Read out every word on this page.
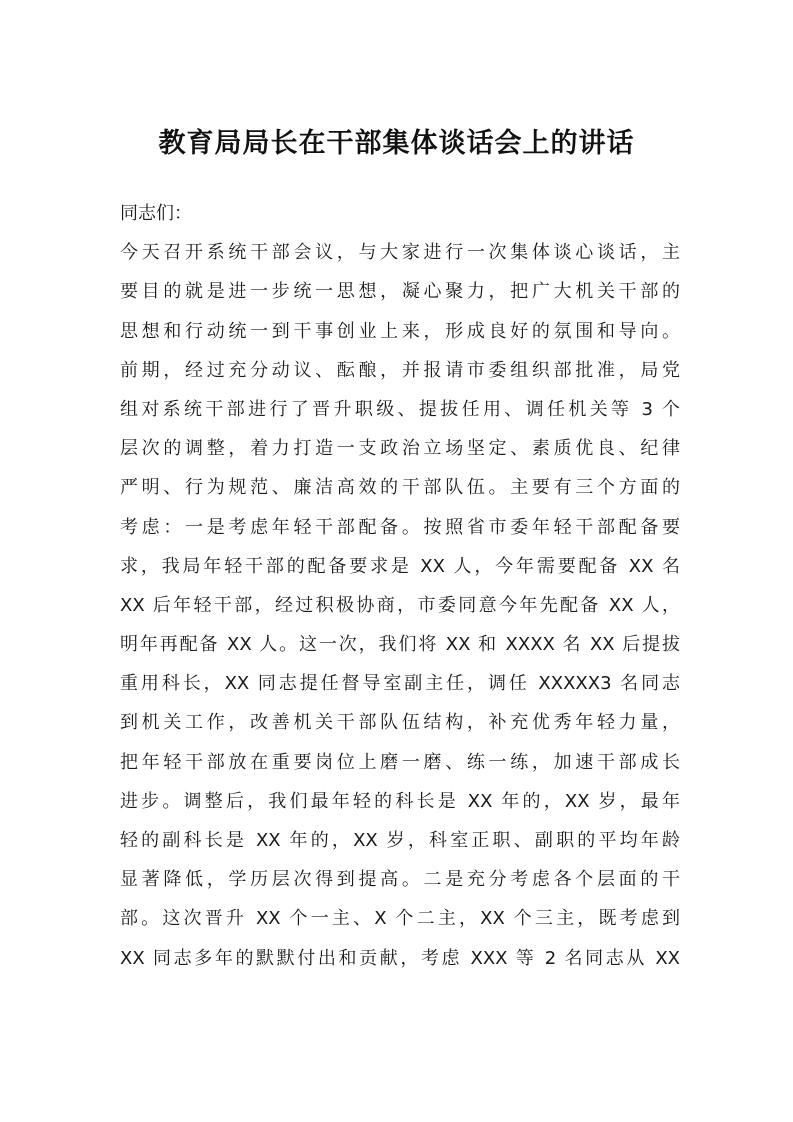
教育局局长在干部集体谈话会上的讲话
同志们：
今天召开系统干部会议，与大家进行一次集体谈心谈话，主
要目的就是进一步统一思想，凝心聚力，把广大机关干部的
思想和行动统一到干事创业上来，形成良好的氛围和导向。
前期，经过充分动议、酝酿，并报请市委组织部批准，局党
组对系统干部进行了晋升职级、提拔任用、调任机关等 3 个
层次的调整，着力打造一支政治立场坚定、素质优良、纪律
严明、行为规范、廉洁高效的干部队伍。主要有三个方面的
考虑：一是考虑年轻干部配备。按照省市委年轻干部配备要
求，我局年轻干部的配备要求是 XX 人，今年需要配备 XX 名
XX 后年轻干部，经过积极协商，市委同意今年先配备 XX 人，
明年再配备 XX 人。这一次，我们将 XX 和 XXXX 名 XX 后提拔
重用科长，XX 同志提任督导室副主任，调任 XXXXX3 名同志
到机关工作，改善机关干部队伍结构，补充优秀年轻力量，
把年轻干部放在重要岗位上磨一磨、练一练，加速干部成长
进步。调整后，我们最年轻的科长是 XX 年的，XX 岁，最年
轻的副科长是 XX 年的，XX 岁，科室正职、副职的平均年龄
显著降低，学历层次得到提高。二是充分考虑各个层面的干
部。这次晋升 XX 个一主、X 个二主，XX 个三主，既考虑到
XX 同志多年的默默付出和贡献，考虑 XXX 等 2 名同志从 XX
